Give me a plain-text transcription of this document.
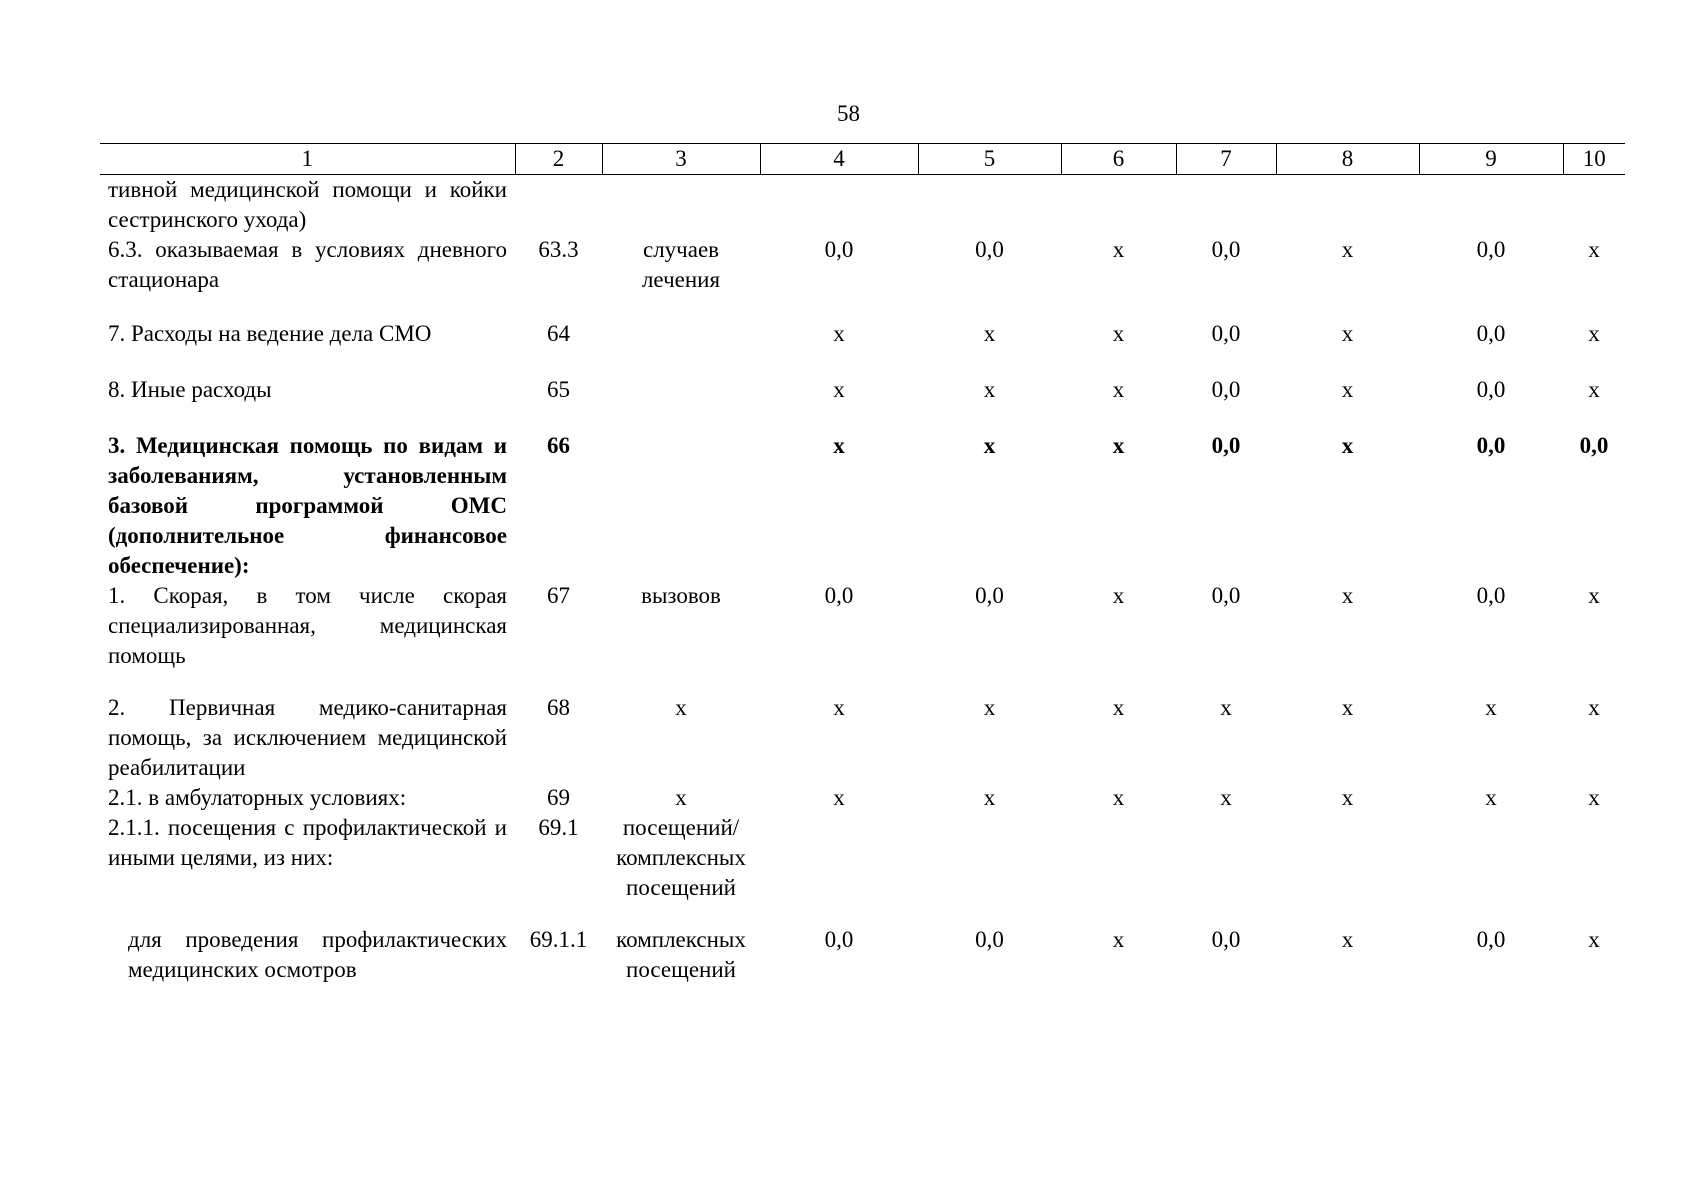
58
1	2	3	4	5	6	7	8	9	10
тивной медицинской помощи и койки сестринского ухода)									
6.3. оказываемая в условиях дневного стационара	63.3	случаев лечения	0,0	0,0	х	0,0	х	0,0	х
7. Расходы на ведение дела СМО	64		х	х	х	0,0	х	0,0	х
8. Иные расходы	65		х	х	х	0,0	х	0,0	х
3. Медицинская помощь по видам и заболеваниям, установленным базовой программой ОМС (дополнительное финансовое обеспечение):	66		х	х	х	0,0	х	0,0	0,0
1. Скорая, в том числе скорая специализированная, медицинская помощь	67	вызовов	0,0	0,0	х	0,0	х	0,0	х
2. Первичная медико-санитарная помощь, за исключением медицинской реабилитации	68	х	х	х	х	х	х	х	х
2.1. в амбулаторных условиях:	69	х	х	х	х	х	х	х	х
2.1.1. посещения с профилактической и иными целями, из них:	69.1	посещений/ комплексных посещений							
для проведения профилактических медицинских осмотров	69.1.1	комплексных посещений	0,0	0,0	х	0,0	х	0,0	х
